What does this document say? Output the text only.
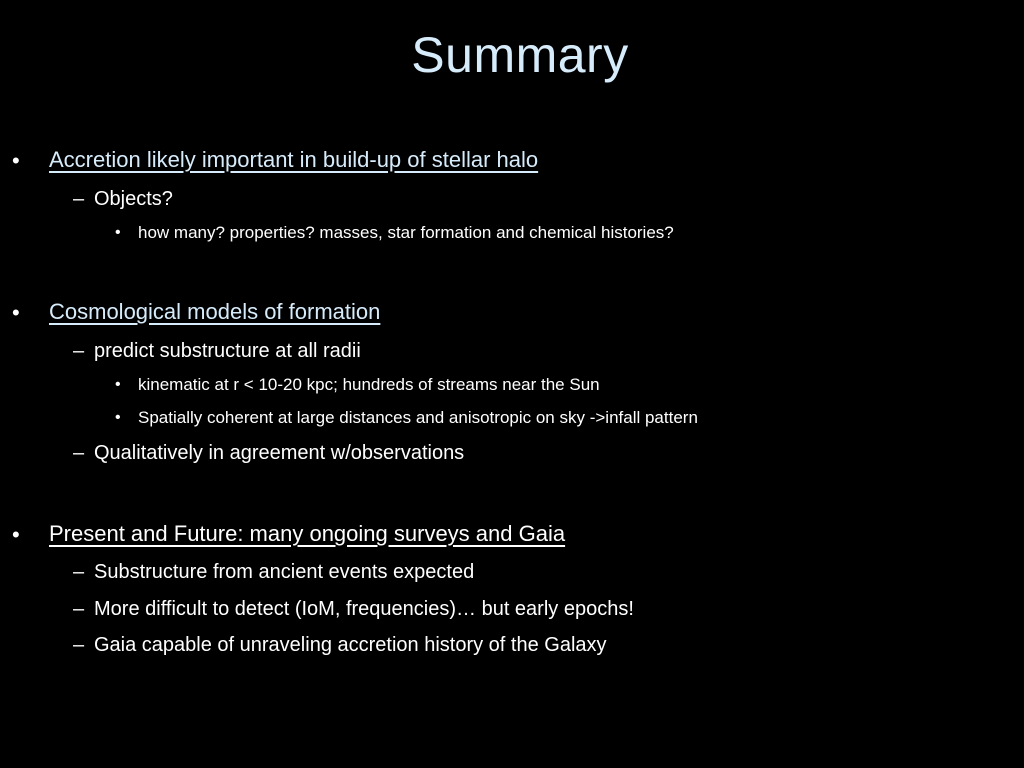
Summary
• Accretion likely important in build-up of stellar halo
– Objects?
• how many? properties? masses, star formation and chemical histories?
• Cosmological models of formation
– predict substructure at all radii
• kinematic at r < 10-20 kpc; hundreds of streams near the Sun
• Spatially coherent at large distances and anisotropic on sky ->infall pattern
– Qualitatively in agreement w/observations
• Present and Future: many ongoing surveys and Gaia
– Substructure from ancient events expected
– More difficult to detect (IoM, frequencies)… but early epochs!
– Gaia capable of unraveling accretion history of the Galaxy
